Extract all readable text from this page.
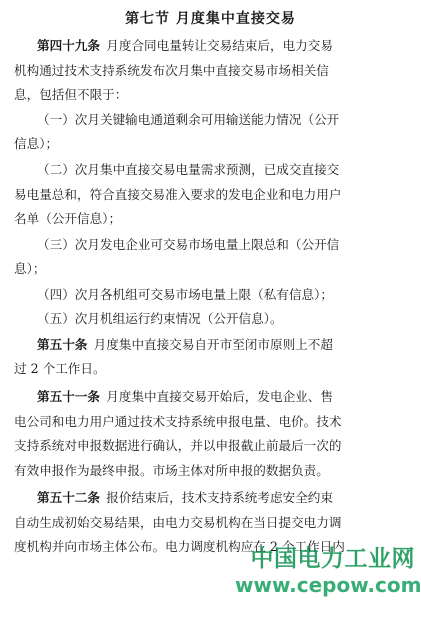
第七节 月度集中直接交易
第四十九条  月度合同电量转让交易结束后，电力交易
机构通过技术支持系统发布次月集中直接交易市场相关信
息，包括但不限于：
（一）次月关键输电通道剩余可用输送能力情况（公开
信息）；
（二）次月集中直接交易电量需求预测，已成交直接交
易电量总和，符合直接交易准入要求的发电企业和电力用户
名单（公开信息）；
（三）次月发电企业可交易市场电量上限总和（公开信
息）；
（四）次月各机组可交易市场电量上限（私有信息）；
（五）次月机组运行约束情况（公开信息）。
第五十条  月度集中直接交易自开市至闭市原则上不超
过 2 个工作日。
第五十一条  月度集中直接交易开始后，发电企业、售
电公司和电力用户通过技术支持系统申报电量、电价。技术
支持系统对申报数据进行确认，并以申报截止前最后一次的
有效申报作为最终申报。市场主体对所申报的数据负责。
第五十二条  报价结束后，技术支持系统考虑安全约束
自动生成初始交易结果，由电力交易机构在当日提交电力调
度机构并向市场主体公布。电力调度机构应在 2 个工作日内
中国电力工业网
www.cepow.com
